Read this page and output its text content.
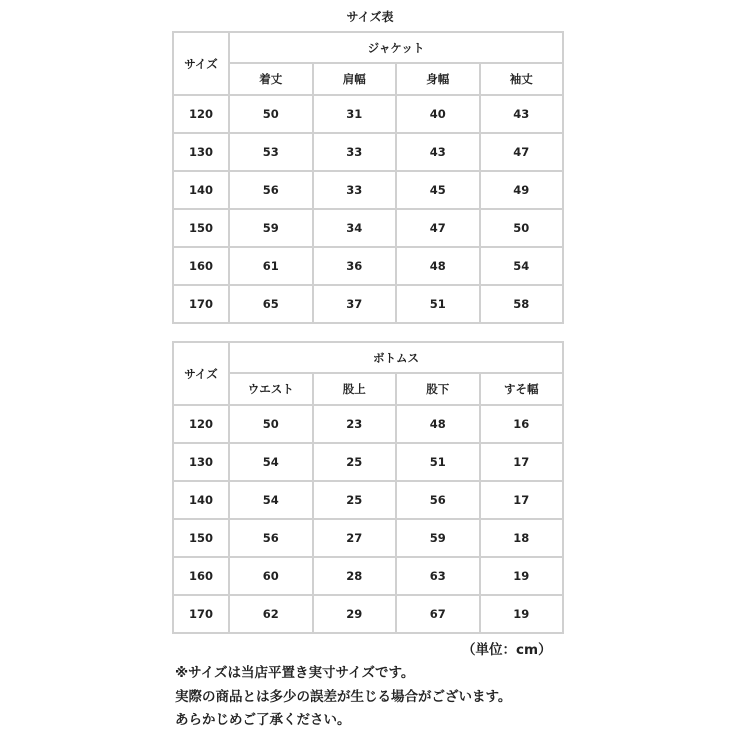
サイズ表
サイズ	ジャケット			
	着丈	肩幅	身幅	袖丈
120	50	31	40	43
130	53	33	43	47
140	56	33	45	49
150	59	34	47	50
160	61	36	48	54
170	65	37	51	58
サイズ	ボトムス			
	ウエスト	股上	股下	すそ幅
120	50	23	48	16
130	54	25	51	17
140	54	25	56	17
150	56	27	59	18
160	60	28	63	19
170	62	29	67	19
（単位：cm）
※サイズは当店平置き実寸サイズです。
実際の商品とは多少の誤差が生じる場合がございます。
あらかじめご了承ください。
